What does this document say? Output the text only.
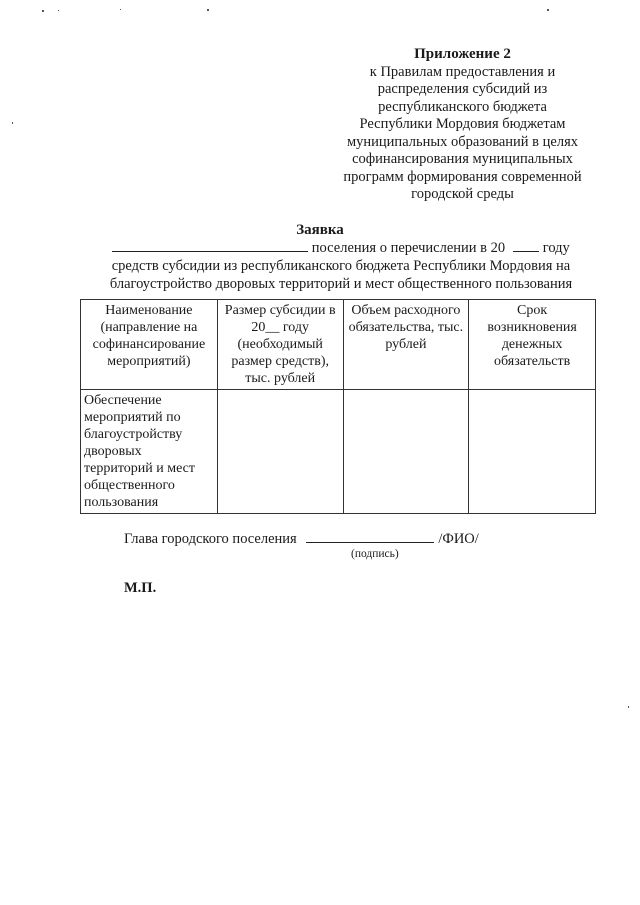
Приложение 2
к Правилам предоставления и
распределения субсидий из
республиканского бюджета
Республики Мордовия бюджетам
муниципальных образований в целях
софинансирования муниципальных
программ формирования современной
городской среды
Заявка
поселения о перечислении в 20	году
средств субсидии из республиканского бюджета Республики Мордовия на
благоустройство дворовых территорий и мест общественного пользования
Наименование (направление на софинансирование мероприятий)	Размер субсидии в 20__ году (необходимый размер средств), тыс. рублей	Объем расходного обязательства, тыс. рублей	Срок возникновения денежных обязательств
Обеспечение мероприятий по благоустройству дворовых территорий и мест общественного пользования			
Глава городского поселения	/ФИО/
(подпись)
М.П.
